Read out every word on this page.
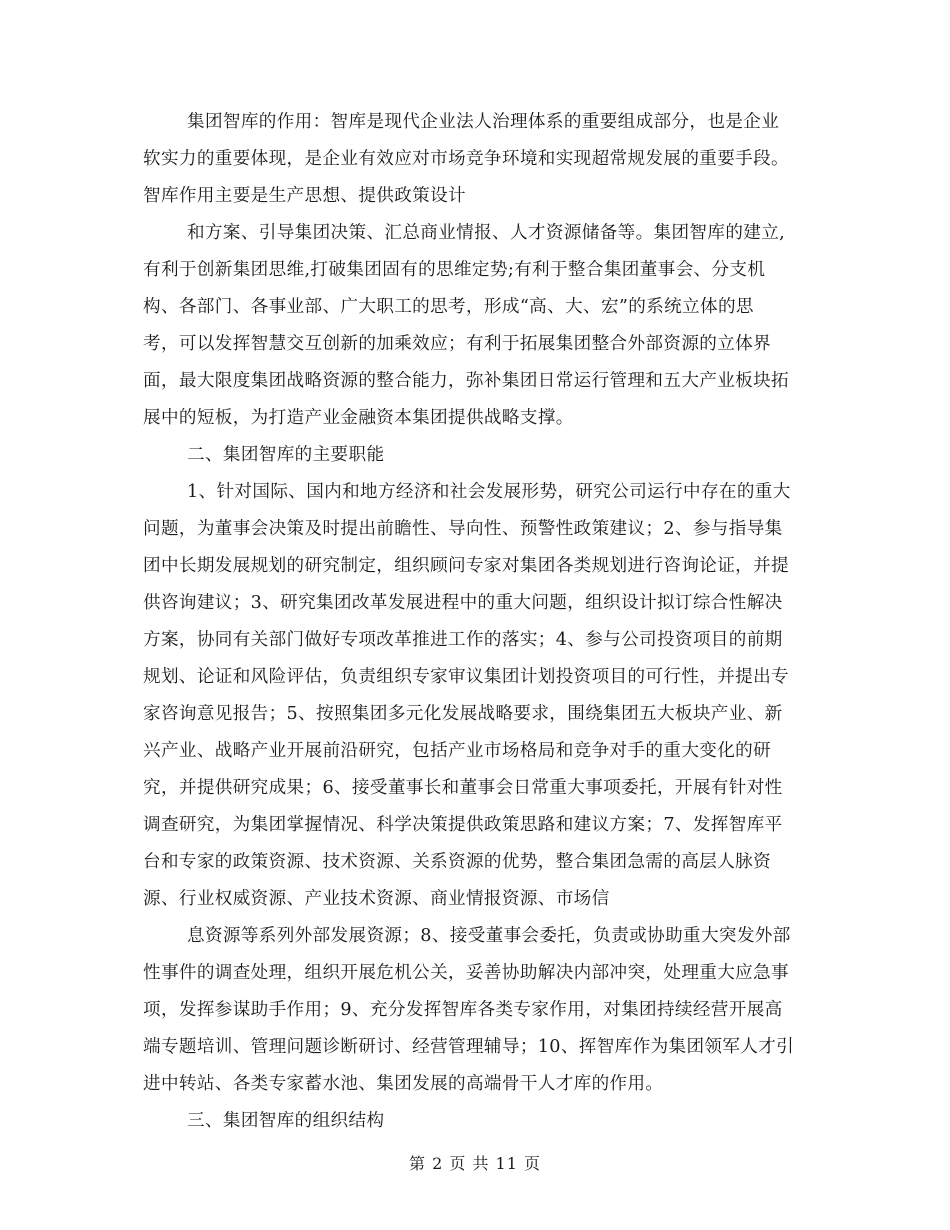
集团智库的作用：智库是现代企业法人治理体系的重要组成部分，也是企业
软实力的重要体现，是企业有效应对市场竞争环境和实现超常规发展的重要手段。
智库作用主要是生产思想、提供政策设计
和方案、引导集团决策、汇总商业情报、人才资源储备等。集团智库的建立,
有利于创新集团思维,打破集团固有的思维定势;有利于整合集团董事会、分支机
构、各部门、各事业部、广大职工的思考，形成“高、大、宏”的系统立体的思
考，可以发挥智慧交互创新的加乘效应；有利于拓展集团整合外部资源的立体界
面，最大限度集团战略资源的整合能力，弥补集团日常运行管理和五大产业板块拓
展中的短板，为打造产业金融资本集团提供战略支撑。
二、集团智库的主要职能
1、针对国际、国内和地方经济和社会发展形势，研究公司运行中存在的重大
问题，为董事会决策及时提出前瞻性、导向性、预警性政策建议；2、参与指导集
团中长期发展规划的研究制定，组织顾问专家对集团各类规划进行咨询论证，并提
供咨询建议；3、研究集团改革发展进程中的重大问题，组织设计拟订综合性解决
方案，协同有关部门做好专项改革推进工作的落实；4、参与公司投资项目的前期
规划、论证和风险评估，负责组织专家审议集团计划投资项目的可行性，并提出专
家咨询意见报告；5、按照集团多元化发展战略要求，围绕集团五大板块产业、新
兴产业、战略产业开展前沿研究，包括产业市场格局和竞争对手的重大变化的研
究，并提供研究成果；6、接受董事长和董事会日常重大事项委托，开展有针对性
调查研究，为集团掌握情况、科学决策提供政策思路和建议方案；7、发挥智库平
台和专家的政策资源、技术资源、关系资源的优势，整合集团急需的高层人脉资
源、行业权威资源、产业技术资源、商业情报资源、市场信
息资源等系列外部发展资源；8、接受董事会委托，负责或协助重大突发外部
性事件的调查处理，组织开展危机公关，妥善协助解决内部冲突，处理重大应急事
项，发挥参谋助手作用；9、充分发挥智库各类专家作用，对集团持续经营开展高
端专题培训、管理问题诊断研讨、经营管理辅导；10、挥智库作为集团领军人才引
进中转站、各类专家蓄水池、集团发展的高端骨干人才库的作用。
三、集团智库的组织结构
第 2 页 共 11 页
